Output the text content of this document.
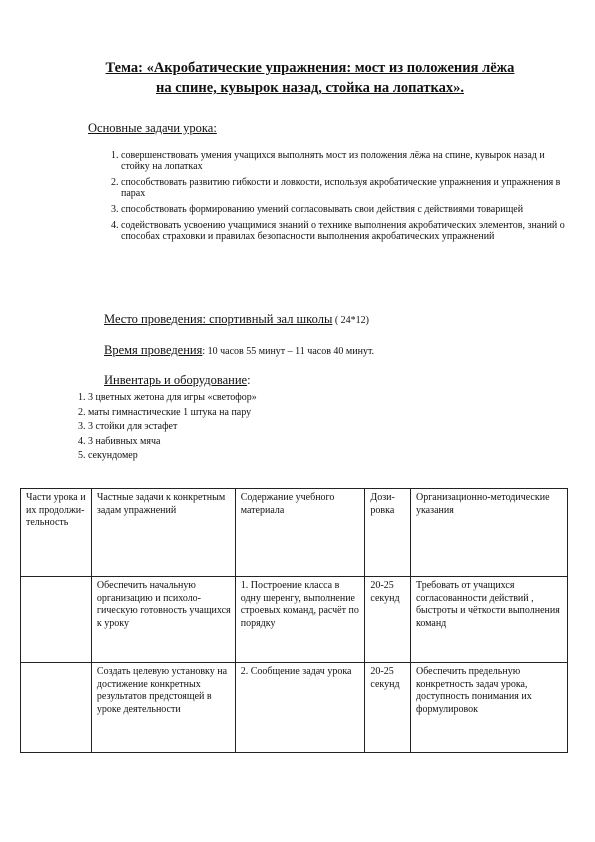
Тема: «Акробатические упражнения: мост из положения лёжа
на спине, кувырок назад, стойка на лопатках».
Основные задачи урока:
1. совершенствовать умения учащихся выполнять мост из положения лёжа на спине, кувырок назад и стойку на лопатках
2. способствовать развитию гибкости и ловкости, используя акробатические упражнения и упражнения в парах
3. способствовать формированию умений согласовывать свои действия с действиями товарищей
4. содействовать усвоению учащимися знаний о технике выполнения акробатических элементов, знаний о способах страховки и правилах безопасности выполнения акробатических упражнений
Место проведения: спортивный зал школы ( 24*12)
Время проведения: 10 часов 55 минут – 11 часов 40 минут.
Инвентарь и оборудование:
1. 3 цветных жетона для игры «светофор»
2. маты гимнастические 1 штука на пару
3. 3 стойки для эстафет
4. 3 набивных мяча
5. секундомер
Части урока и их продолжи-тельность	Частные задачи к конкретным задам упражнений	Содержание учебного материала	Дози-ровка	Организационно-методические указания
	Обеспечить начальную организацию и психоло-гическую готовность учащихся к уроку	1. Построение класса в одну шеренгу, выполнение строевых команд, расчёт по порядку	20-25 секунд	Требовать от учащихся согласованности действий , быстроты и чёткости выполнения команд
	Создать целевую установку на достижение конкретных результатов предстоящей в уроке деятельности	2. Сообщение задач урока	20-25 секунд	Обеспечить предельную конкретность задач урока, доступность понимания их формулировок
